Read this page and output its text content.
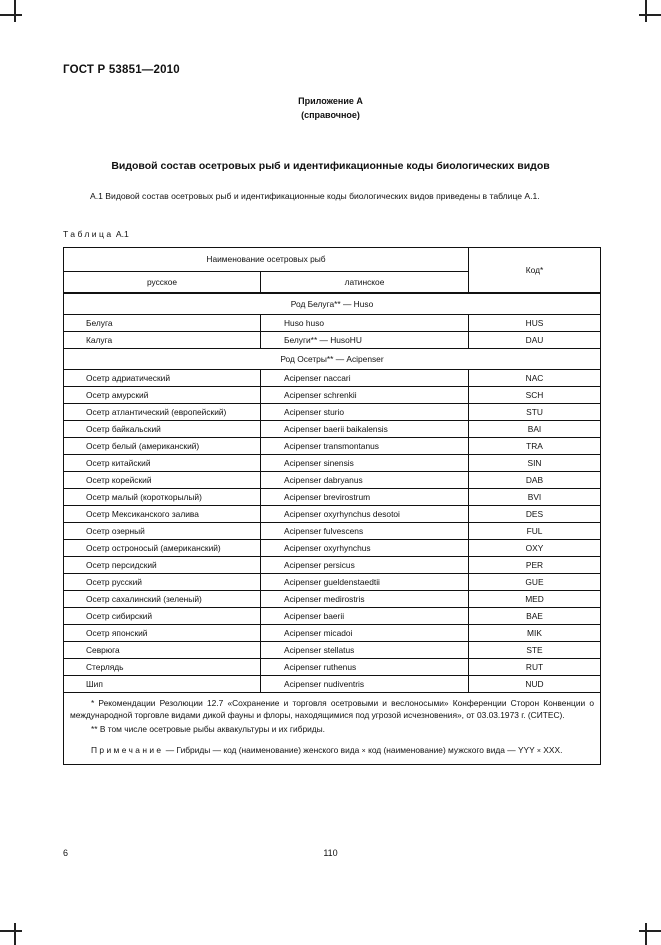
ГОСТ Р 53851—2010
Приложение А
(справочное)
Видовой состав осетровых рыб и идентификационные коды биологических видов
А.1 Видовой состав осетровых рыб и идентификационные коды биологических видов приведены в таблице А.1.
Таблица А.1
Наименование осетровых рыб		Код*
русское	латинское	
Род Белуга** — Huso		
Белуга	Huso huso	HUS
Калуга	Белуги** — HusoHU	DAU
Род Осетры** — Acipenser		
Осетр адриатический	Acipenser naccari	NAC
Осетр амурский	Acipenser schrenkii	SCH
Осетр атлантический (европейский)	Acipenser sturio	STU
Осетр байкальский	Acipenser baerii baikalensis	BAI
Осетр белый (американский)	Acipenser transmontanus	TRA
Осетр китайский	Acipenser sinensis	SIN
Осетр корейский	Acipenser dabryanus	DAB
Осетр малый (короткорылый)	Acipenser brevirostrum	BVI
Осетр Мексиканского залива	Acipenser oxyrhynchus desotoi	DES
Осетр озерный	Acipenser fulvescens	FUL
Осетр остроносый (американский)	Acipenser oxyrhynchus	OXY
Осетр персидский	Acipenser persicus	PER
Осетр русский	Acipenser gueldenstaedtii	GUE
Осетр сахалинский (зеленый)	Acipenser medirostris	MED
Осетр сибирский	Acipenser baerii	BAE
Осетр японский	Acipenser micadoi	MIK
Севрюга	Acipenser stellatus	STE
Стерлядь	Acipenser ruthenus	RUT
Шип	Acipenser nudiventris	NUD

* Рекомендации Резолюции 12.7 «Сохранение и торговля осетровыми и веслоносыми» Конференции Сторон Конвенции о международной торговле видами дикой фауны и флоры, находящимися под угрозой исчезновения», от 03.03.1973 г. (СИТЕС).

** В том числе осетровые рыбы аквакультуры и их гибриды.

Примечание — Гибриды — код (наименование) женского вида × код (наименование) мужского вида — YYY × XXX.		

6	110
